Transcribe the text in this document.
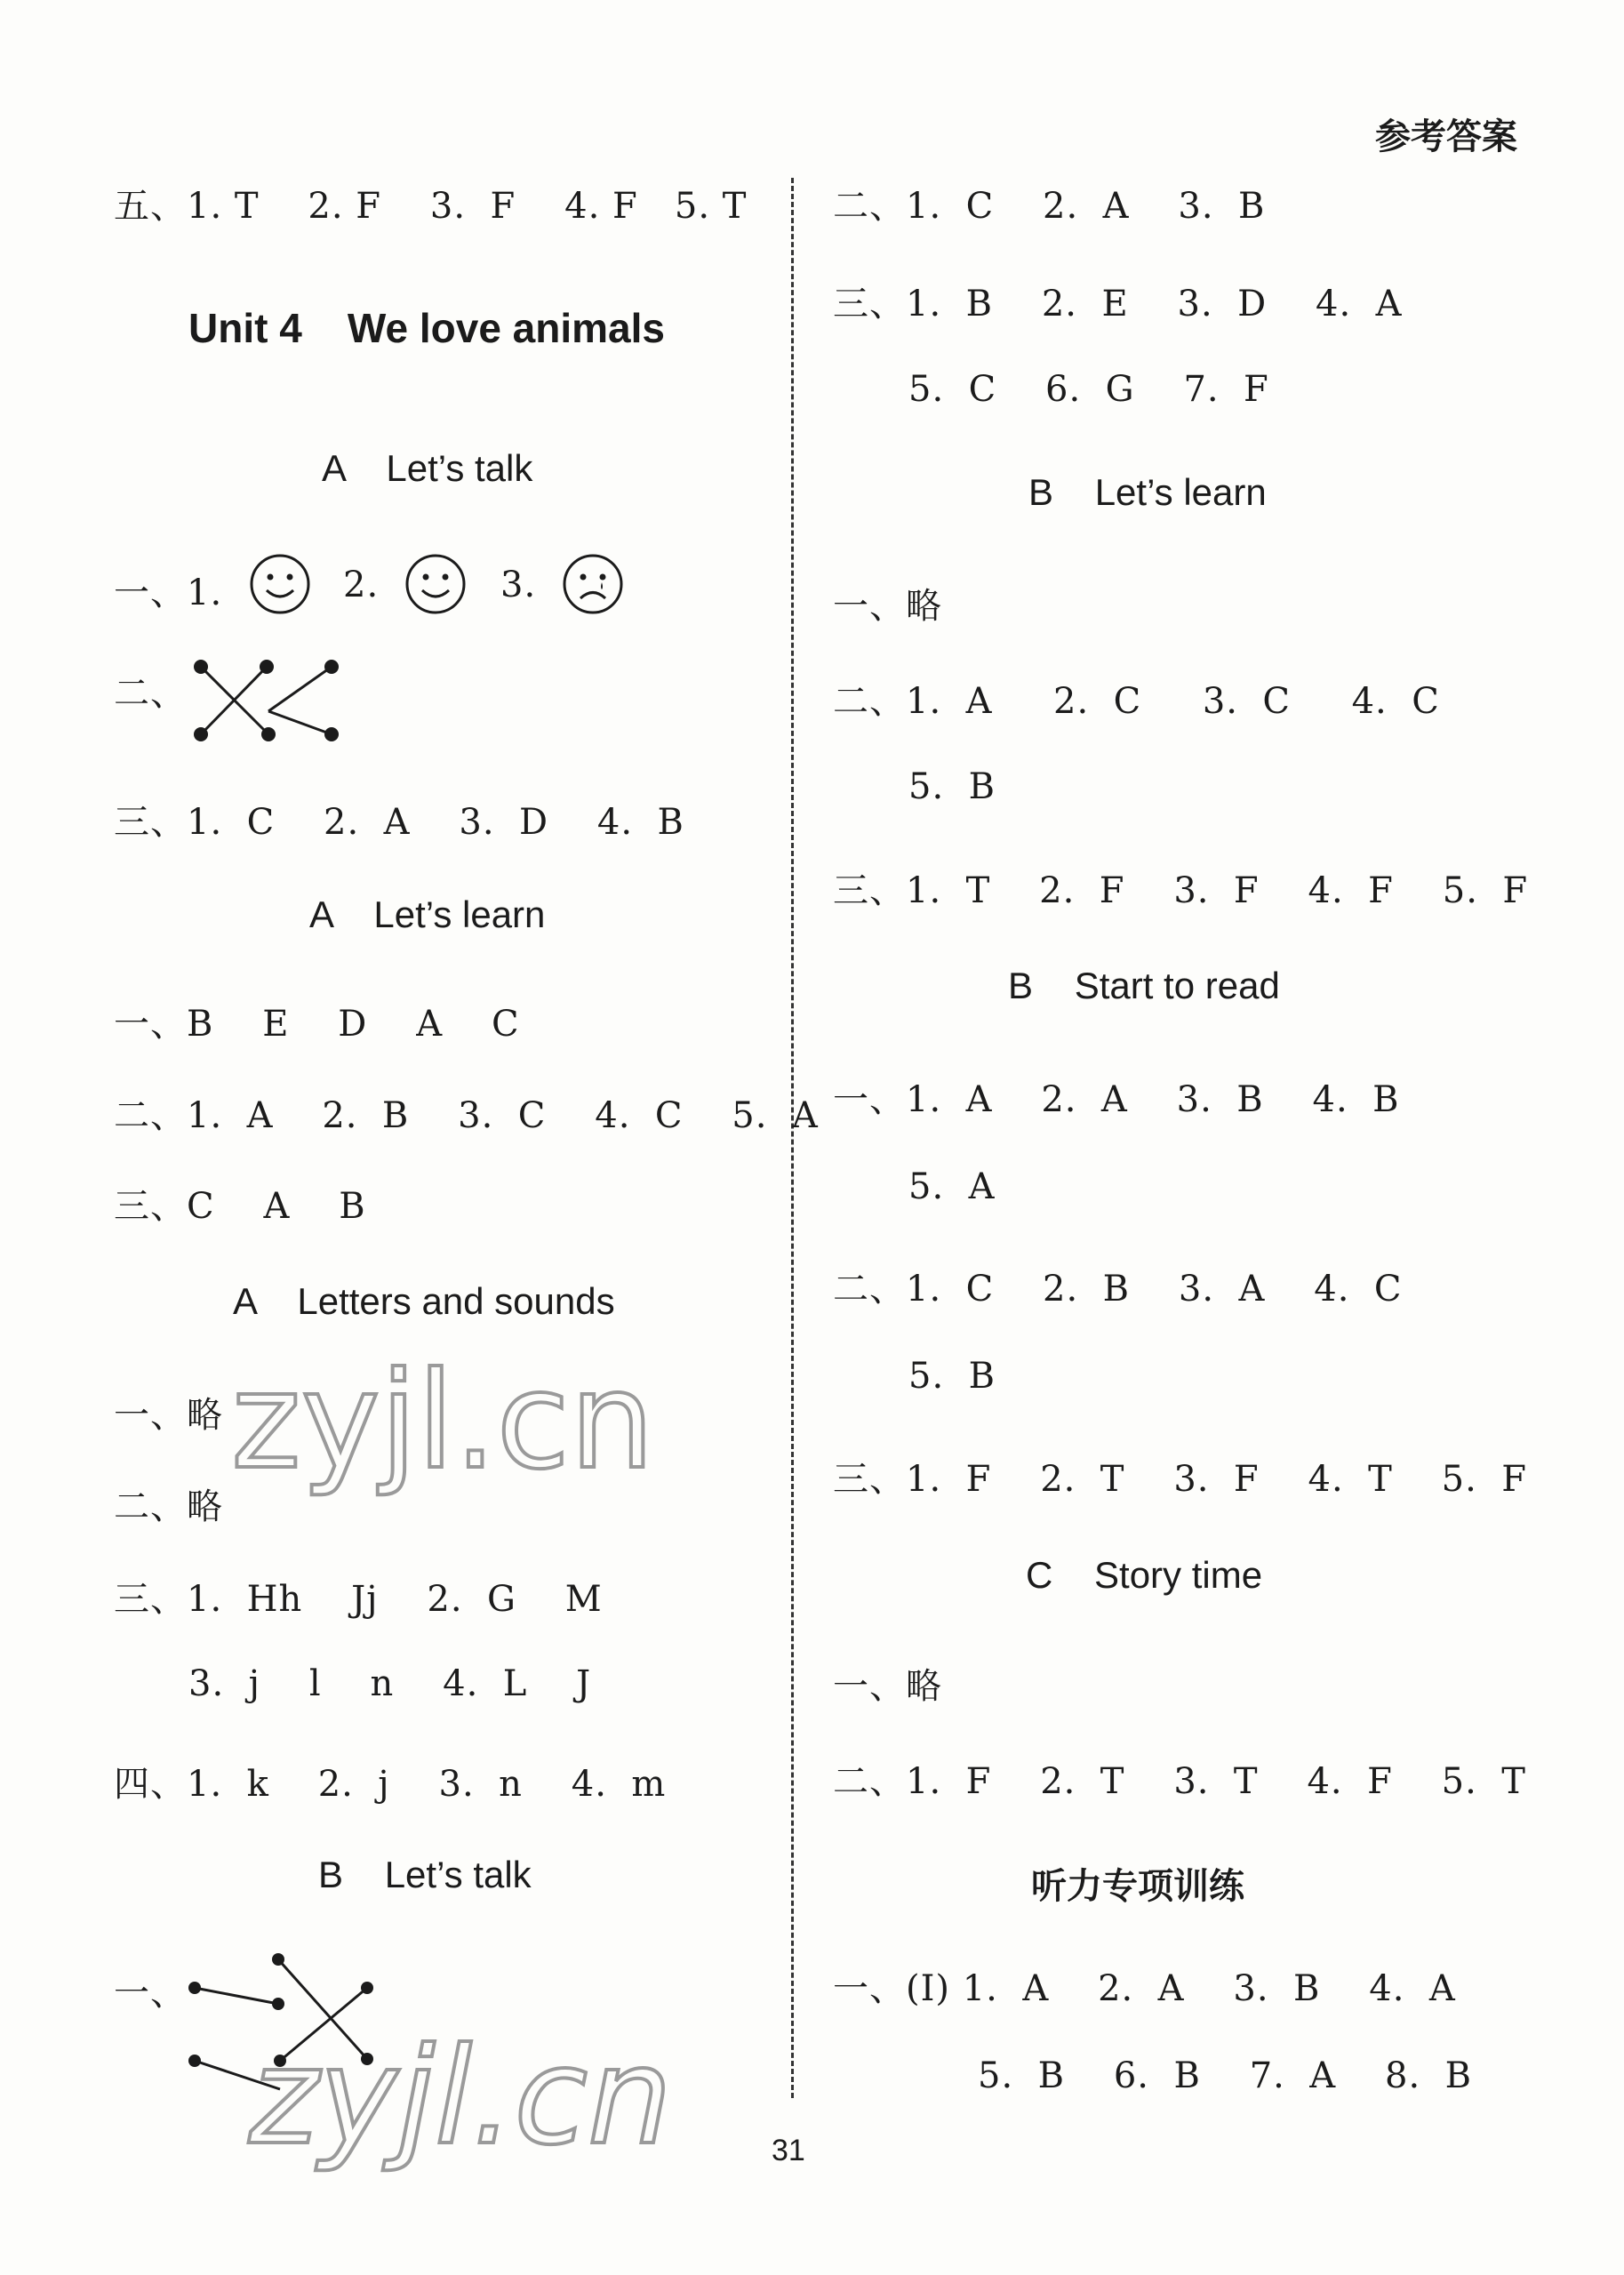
参考答案
五、1. T    2. F    3.  F    4. F   5. T
Unit 4    We love animals
A    Let’s talk
一、1.	2.	3.
二、
三、1.  C    2.  A    3.  D    4.  B
A    Let’s learn
一、B    E    D    A    C
二、1.  A    2.  B    3.  C    4.  C    5.  A
三、C    A    B
A    Letters and sounds
一、略
二、略
三、1.  Hh    Jj    2.  G    M
3.  j    l    n    4.  L    J
四、1.  k    2.  j    3.  n    4.  m
B    Let’s talk
一、
二、1.  C    2.  A    3.  B
三、1.  B    2.  E    3.  D    4.  A
5.  C    6.  G    7.  F
B    Let’s learn
一、略
二、1.  A     2.  C     3.  C     4.  C
5.  B
三、1.  T    2.  F    3.  F    4.  F    5.  F
B    Start to read
一、1.  A    2.  A    3.  B    4.  B
5.  A
二、1.  C    2.  B    3.  A    4.  C
5.  B
三、1.  F    2.  T    3.  F    4.  T    5.  F
C    Story time
一、略
二、1.  F    2.  T    3.  T    4.  F    5.  T
听力专项训练
一、(Ⅰ) 1.  A    2.  A    3.  B    4.  A
5.  B    6.  B    7.  A    8.  B
31
zyjl.cn
zyjl.cn
